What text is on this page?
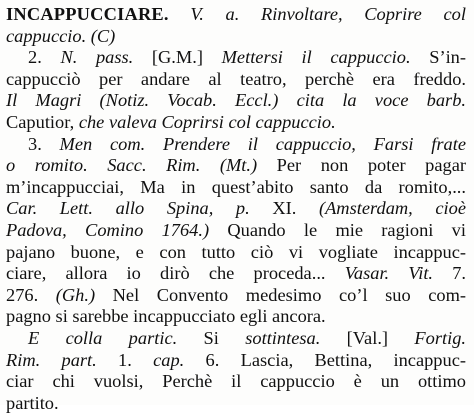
INCAPPUCCIARE. V. a. Rinvoltare, Coprire col
cappuccio. (C)
2. N. pass. [G.M.] Mettersi il cappuccio. S’in-
cappucciò per andare al teatro, perchè era freddo.
Il Magri (Notiz. Vocab. Eccl.) cita la voce barb.
Caputior, che valeva Coprirsi col cappuccio.
3. Men com. Prendere il cappuccio, Farsi frate
o romito. Sacc. Rim. (Mt.) Per non poter pagar
m’incappucciai, Ma in quest’abito santo da romito,...
Car. Lett. allo Spina, p. XI. (Amsterdam, cioè
Padova, Comino 1764.) Quando le mie ragioni vi
pajano buone, e con tutto ciò vi vogliate incappuc-
ciare, allora io dirò che proceda... Vasar. Vit. 7.
276. (Gh.) Nel Convento medesimo co’l suo com-
pagno si sarebbe incappucciato egli ancora.
E colla partic. Si sottintesa. [Val.] Fortig.
Rim. part. 1. cap. 6. Lascia, Bettina, incappuc-
ciar chi vuolsi, Perchè il cappuccio è un ottimo
partito.
